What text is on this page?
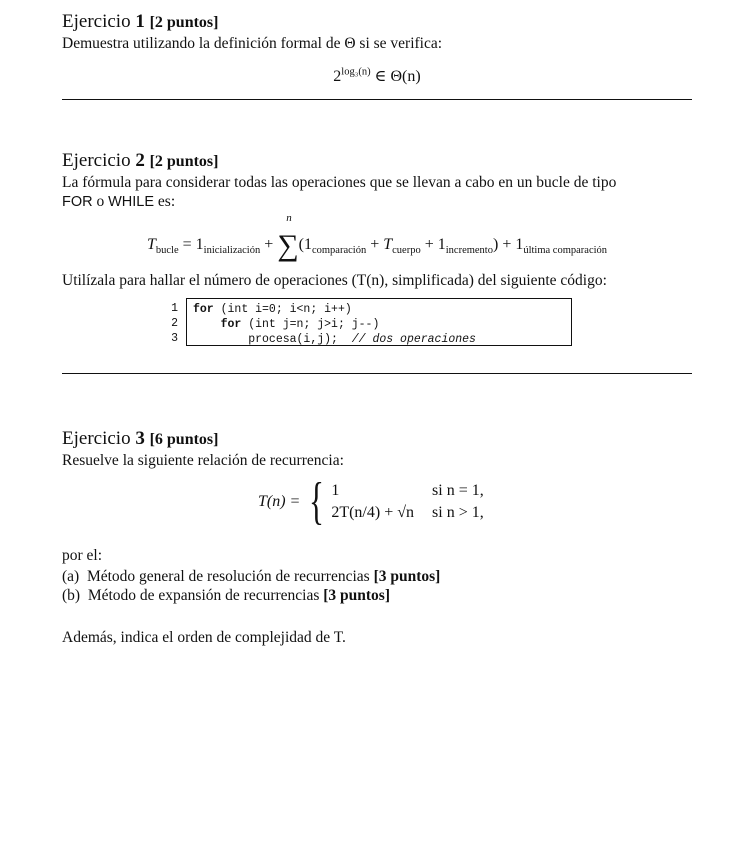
Ejercicio 1 [2 puntos]

Demuestra utilizando la definición formal de Θ si se verifica:

$2^{log_3(n)}$ ∈ Θ(n)

Ejercicio 2 [2 puntos]

La fórmula para considerar todas las operaciones que se llevan a cabo en un bucle de tipo
FOR o WHILE es:

$T_{bucle} = 1_{inicialización}$ + ∑
n
$(1_{comparación} + T_{cuerpo} + 1_{incremento}) + 1_{última comparación}$

Utilízala para hallar el número de operaciones (T(n), simplificada) del siguiente código:

1
2
3
for (int i=0; i<n; i++)
for (int j=n; j>i; j--)
procesa(i,j);  // dos operaciones

Ejercicio 3 [6 puntos]

Resuelve la siguiente relación de recurrencia:

T(n) = { 1	si n = 1,
2T(n/4) + √n si n > 1,

por el:

(a) Método general de resolución de recurrencias [3 puntos]

(b) Método de expansión de recurrencias [3 puntos]

Además, indica el orden de complejidad de T.
